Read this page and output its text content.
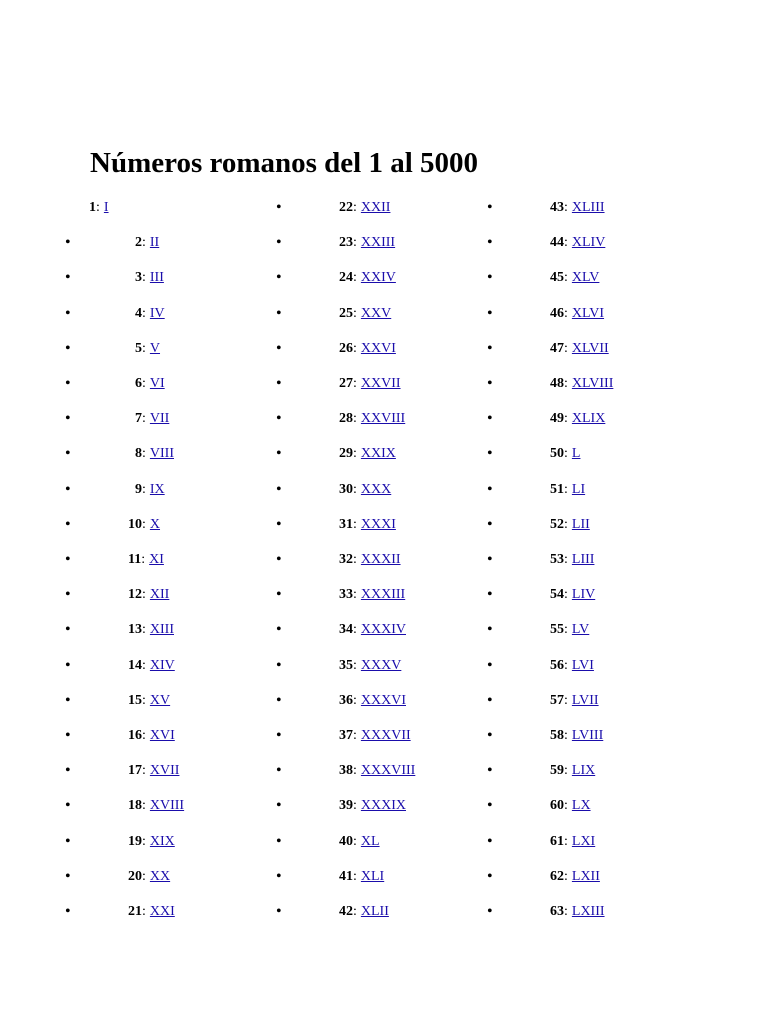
Números romanos del 1 al 5000
1: I
•	2: II
•	3: III
•	4: IV
•	5: V
•	6: VI
•	7: VII
•	8: VIII
•	9: IX
•	10: X
•	11: XI
•	12: XII
•	13: XIII
•	14: XIV
•	15: XV
•	16: XVI
•	17: XVII
•	18: XVIII
•	19: XIX
•	20: XX
•	21: XXI
•	22: XXII
•	23: XXIII
•	24: XXIV
•	25: XXV
•	26: XXVI
•	27: XXVII
•	28: XXVIII
•	29: XXIX
•	30: XXX
•	31: XXXI
•	32: XXXII
•	33: XXXIII
•	34: XXXIV
•	35: XXXV
•	36: XXXVI
•	37: XXXVII
•	38: XXXVIII
•	39: XXXIX
•	40: XL
•	41: XLI
•	42: XLII
•	43: XLIII
•	44: XLIV
•	45: XLV
•	46: XLVI
•	47: XLVII
•	48: XLVIII
•	49: XLIX
•	50: L
•	51: LI
•	52: LII
•	53: LIII
•	54: LIV
•	55: LV
•	56: LVI
•	57: LVII
•	58: LVIII
•	59: LIX
•	60: LX
•	61: LXI
•	62: LXII
•	63: LXIII
